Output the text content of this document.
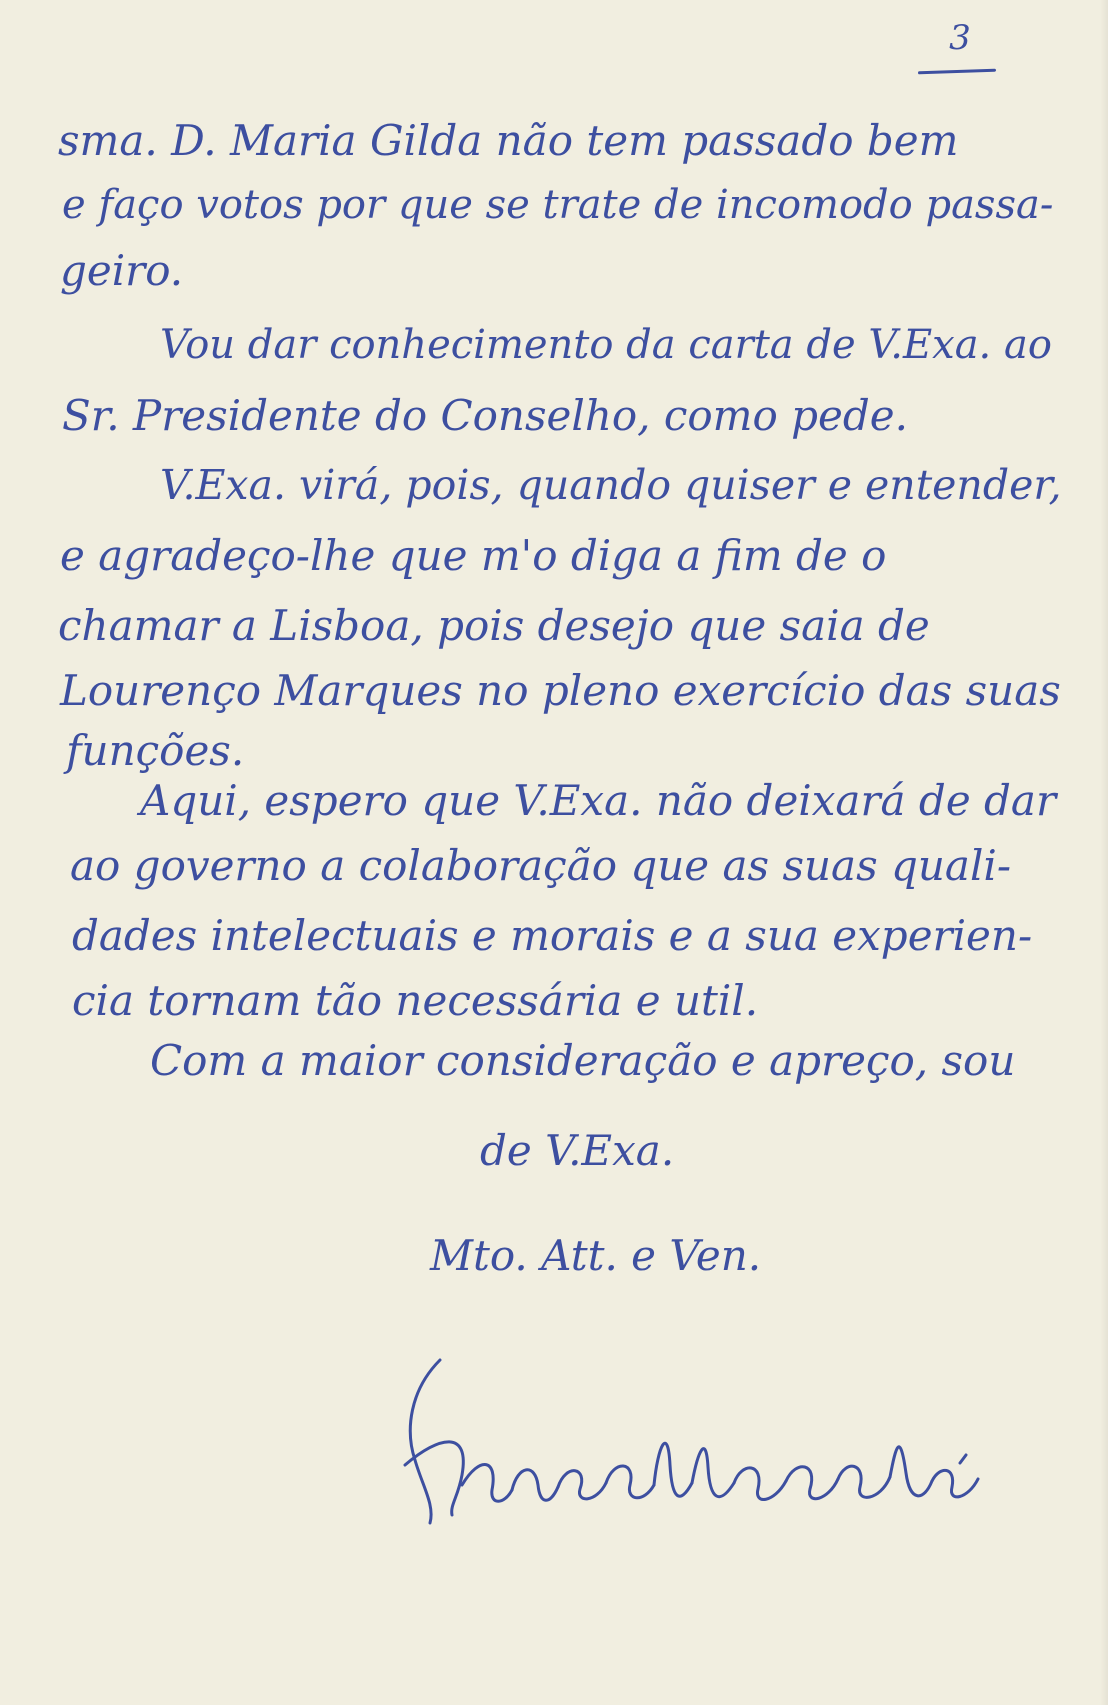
3
sma. D. Maria Gilda não tem passado bem
e faço votos por que se trate de incomodo passa-
geiro.
Vou dar conhecimento da carta de V.Exa. ao
Sr. Presidente do Conselho, como pede.
V.Exa. virá, pois, quando quiser e entender,
e agradeço-lhe que m'o diga a fim de o
chamar a Lisboa, pois desejo que saia de
Lourenço Marques no pleno exercício das suas
funções.
Aqui, espero que V.Exa. não deixará de dar
ao governo a colaboração que as suas quali-
dades intelectuais e morais e a sua experien-
cia tornam tão necessária e util.
Com a maior consideração e apreço, sou
de V.Exa.
Mto. Att. e Ven.
